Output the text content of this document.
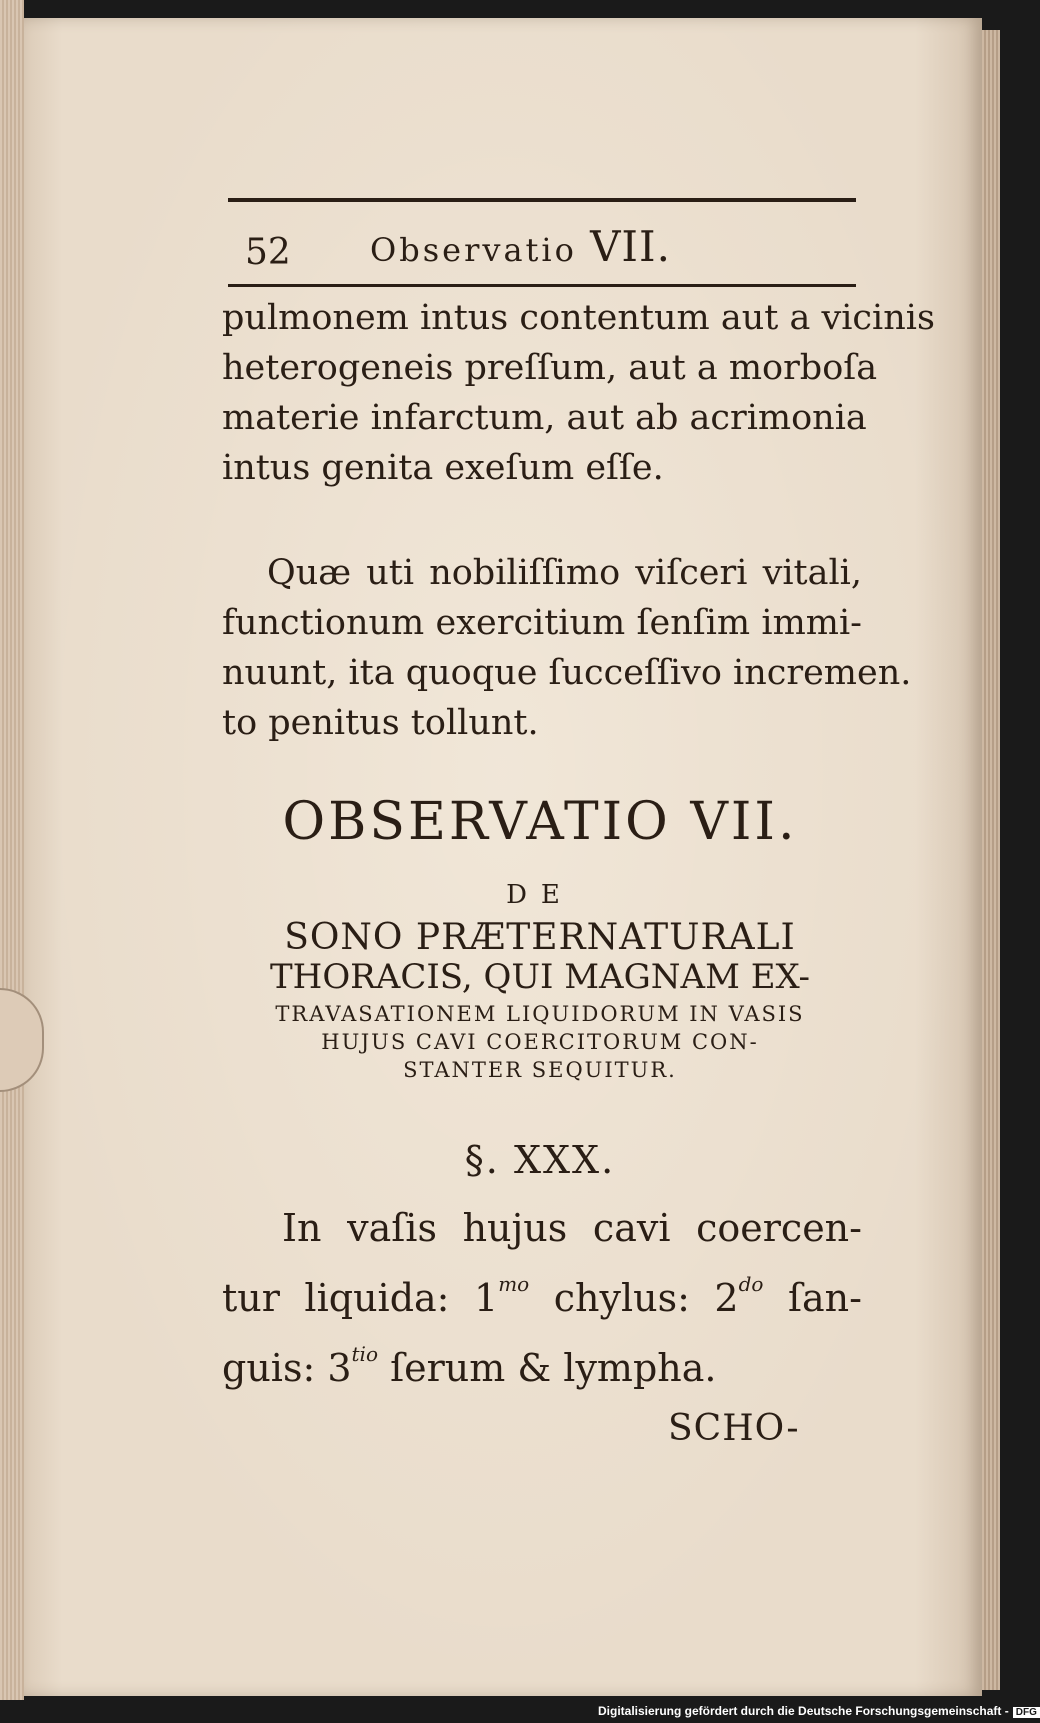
52 Observatio VII.
pulmonem intus contentum aut a vicinis
heterogeneis preſſum, aut a morboſa
materie infarctum, aut ab acrimonia
intus genita exeſum eſſe.
Quæ uti nobiliſſimo viſceri vitali,
functionum exercitium ſenſim immi-
nuunt, ita quoque ſucceſſivo incremen.
to penitus tollunt.

OBSERVATIO VII.

DE

SONO PRÆTERNATURALI

THORACIS, QUI MAGNAM EX-

TRAVASATIONEM LIQUIDORUM IN VASIS

HUJUS CAVI COERCITORUM CON-

STANTER SEQUITUR.

§. XXX.

In vaſis hujus cavi coercen-
tur liquida: $1^{mo}$ chylus: $2^{do}$ ſan-
guis: $3^{tio}$ ſerum & lympha.
SCHO-
Digitalisierung gefördert durch die Deutsche Forschungsgemeinschaft - DFG
